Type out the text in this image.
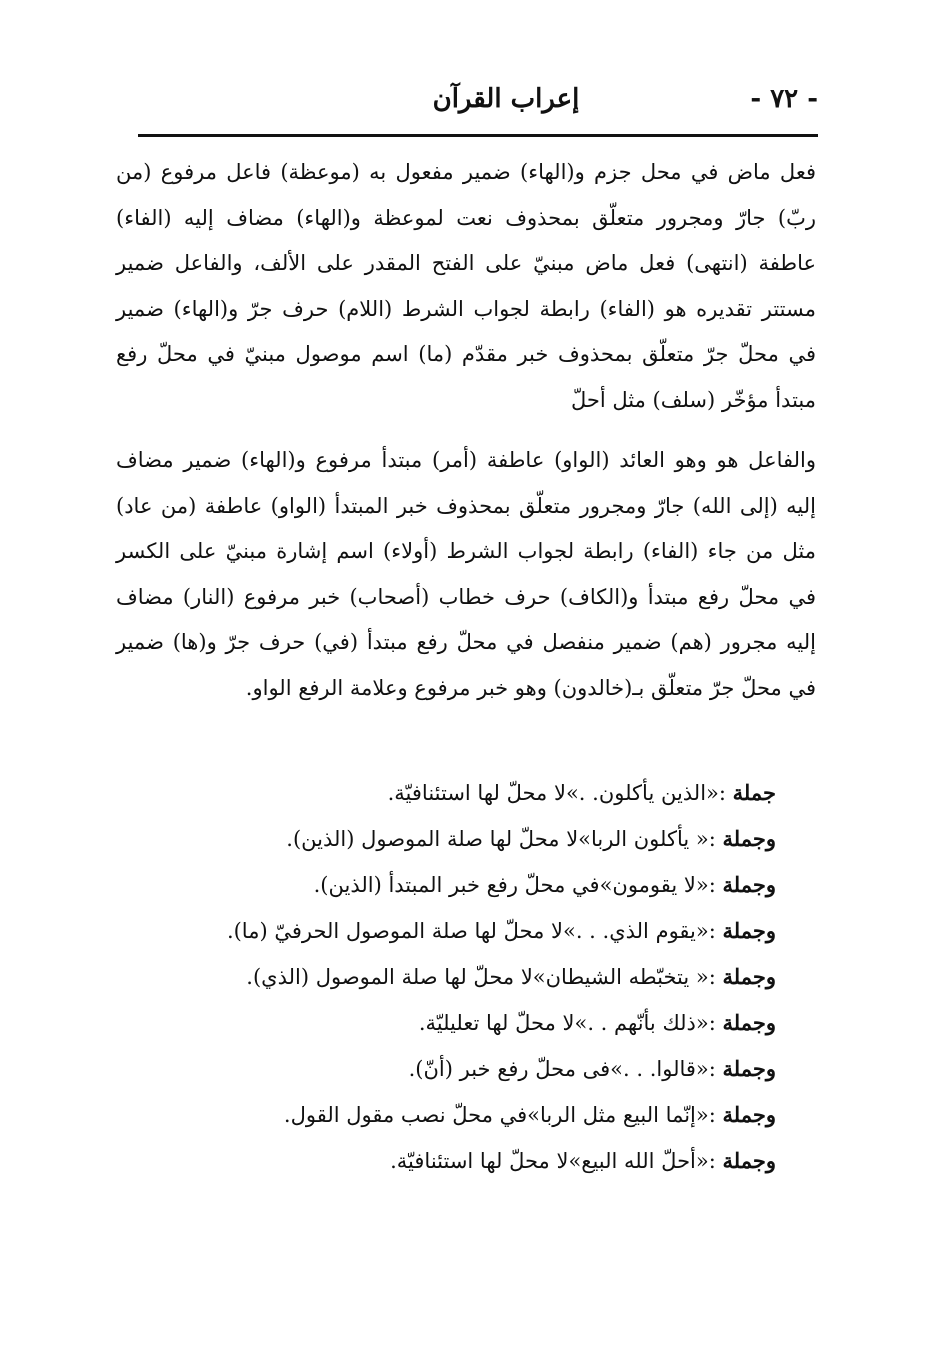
- ٧٢ -
إعراب القرآن

فعل ماض في محل جزم و(الهاء) ضمير مفعول به (موعظة) فاعل مرفوع (من ربّ) جارّ ومجرور متعلّق بمحذوف نعت لموعظة و(الهاء) مضاف إليه (الفاء) عاطفة (انتهى) فعل ماض مبنيّ على الفتح المقدر على الألف، والفاعل ضمير مستتر تقديره هو (الفاء) رابطة لجواب الشرط (اللام) حرف جرّ و(الهاء) ضمير في محلّ جرّ متعلّق بمحذوف خبر مقدّم (ما) اسم موصول مبنيّ في محلّ رفع مبتدأ مؤخّر (سلف) مثل أحلّ

والفاعل هو وهو العائد (الواو) عاطفة (أمر) مبتدأ مرفوع و(الهاء) ضمير مضاف إليه (إلى الله) جارّ ومجرور متعلّق بمحذوف خبر المبتدأ (الواو) عاطفة (من عاد) مثل من جاء (الفاء) رابطة لجواب الشرط (أولاء) اسم إشارة مبنيّ على الكسر في محلّ رفع مبتدأ و(الكاف) حرف خطاب (أصحاب) خبر مرفوع (النار) مضاف إليه مجرور (هم) ضمير منفصل في محلّ رفع مبتدأ (في) حرف جرّ و(ها) ضمير في محلّ جرّ متعلّق بـ(خالدون) وهو خبر مرفوع وعلامة الرفع الواو.

جملة :«الذين يأكلون. .»لا محلّ لها استئنافيّة.
وجملة :« يأكلون الربا»لا محلّ لها صلة الموصول (الذين).
وجملة :«لا يقومون»في محلّ رفع خبر المبتدأ (الذين).
وجملة :«يقوم الذي. . .»لا محلّ لها صلة الموصول الحرفيّ (ما).
وجملة :« يتخبّطه الشيطان»لا محلّ لها صلة الموصول (الذي).
وجملة :«ذلك بأنّهم . .»لا محلّ لها تعليليّة.
وجملة :«قالوا. . .»فى محلّ رفع خبر (أنّ).
وجملة :«إنّما البيع مثل الربا»في محلّ نصب مقول القول.
وجملة :«أحلّ الله البيع»لا محلّ لها استئنافيّة.
